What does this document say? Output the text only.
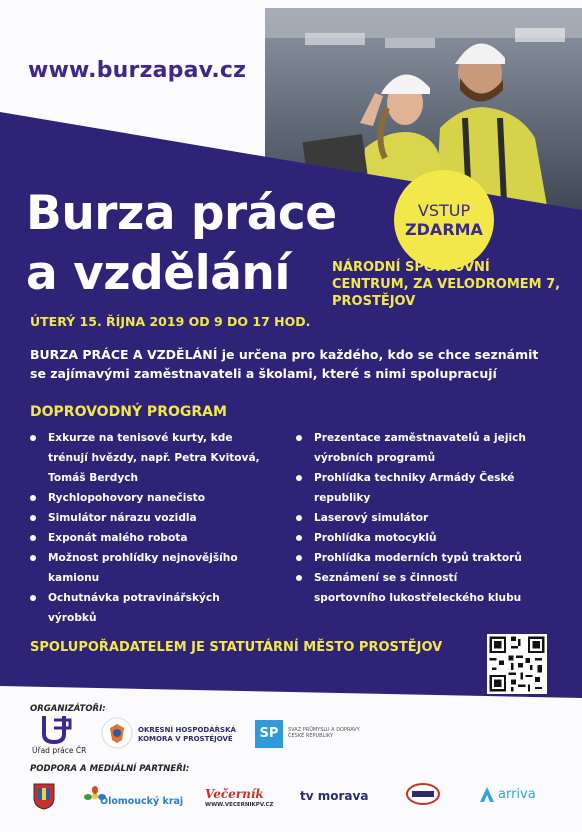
www.burzapav.cz
Burza práce
a vzdělání
VSTUP
ZDARMA
NÁRODNÍ SPORTOVNÍ CENTRUM, ZA VELODROMEM 7, PROSTĚJOV
ÚTERÝ 15. ŘÍJNA 2019 OD 9 DO 17 HOD.
BURZA PRÁCE A VZDĚLÁNÍ je určena pro každého, kdo se chce seznámit se zajímavými zaměstnavateli a školami, které s nimi spolupracují
DOPROVODNÝ PROGRAM
Exkurze na tenisové kurty, kde trénují hvězdy, např. Petra Kvitová, Tomáš Berdych
Rychlopohovory nanečisto
Simulátor nárazu vozidla
Exponát malého robota
Možnost prohlídky nejnovějšího kamionu
Ochutnávka potravinářských výrobků
Prezentace zaměstnavatelů a jejich výrobních programů
Prohlídka techniky Armády České republiky
Laserový simulátor
Prohlídka motocyklů
Prohlídka moderních typů traktorů
Seznámení se s činností sportovního lukostřeleckého klubu
SPOLUPOŘADATELEM JE STATUTÁRNÍ MĚSTO PROSTĚJOV
ORGANIZÁTOŘI:
Úřad práce ČR
OKRESNÍ HOSPODÁŘSKÁ KOMORA V PROSTĚJOVĚ	SP	SVAZ PRŮMYSLU A DOPRAVY ČESKÉ REPUBLIKY
PODPORA A MEDIÁLNÍ PARTNEŘI:
Olomoucký kraj
Večerník
WWW.VECERNIKPV.CZ
tv morava	arriva
